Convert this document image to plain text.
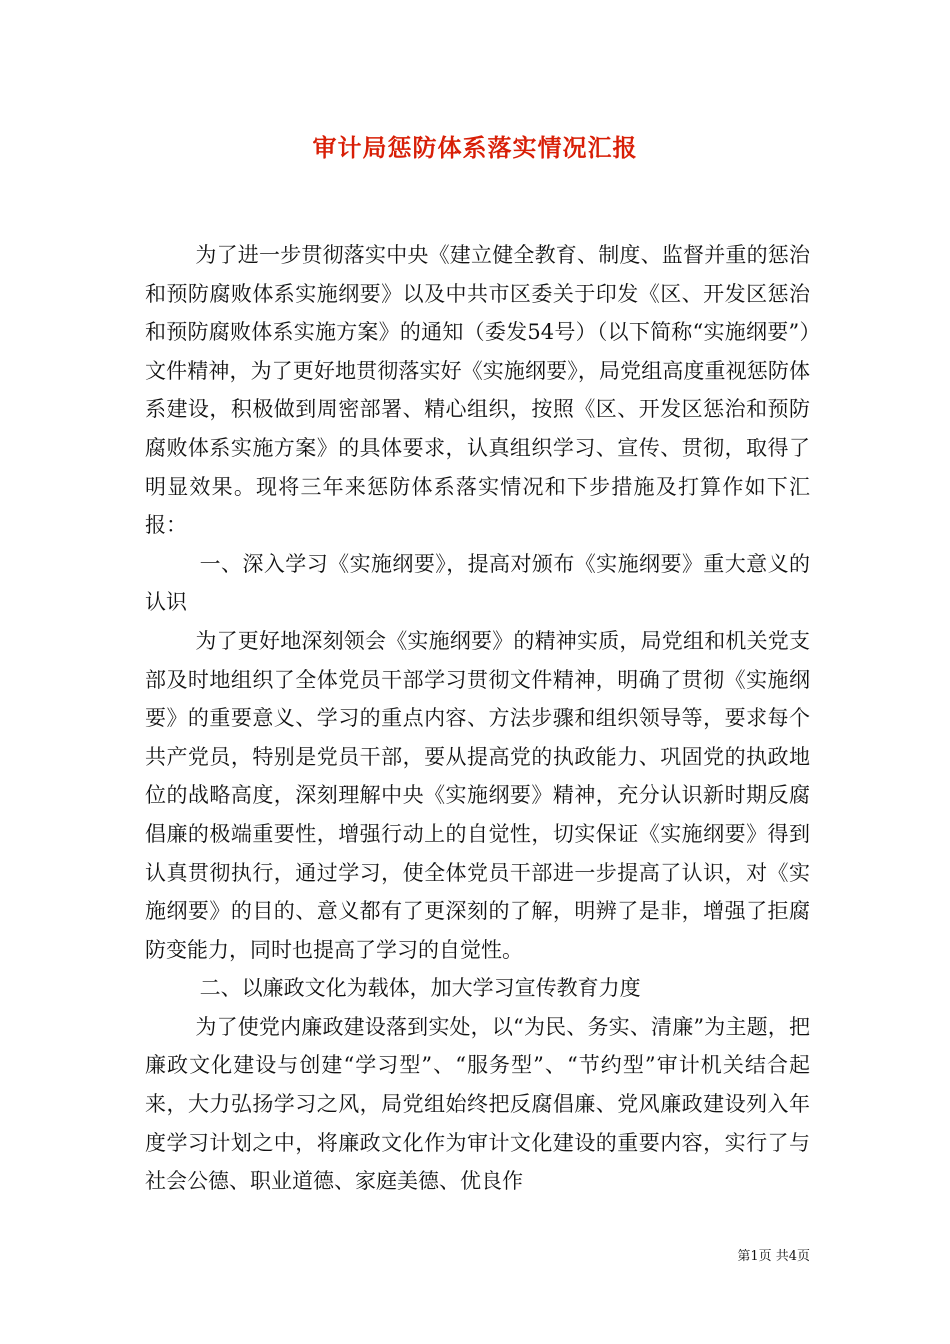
审计局惩防体系落实情况汇报

为了进一步贯彻落实中央《建立健全教育、制度、监督并重的惩治和预防腐败体系实施纲要》以及中共市区委关于印发《区、开发区惩治和预防腐败体系实施方案》的通知（委发54号）（以下简称“实施纲要”）文件精神，为了更好地贯彻落实好《实施纲要》，局党组高度重视惩防体系建设，积极做到周密部署、精心组织，按照《区、开发区惩治和预防腐败体系实施方案》的具体要求，认真组织学习、宣传、贯彻，取得了明显效果。现将三年来惩防体系落实情况和下步措施及打算作如下汇报：

一、深入学习《实施纲要》，提高对颁布《实施纲要》重大意义的认识

为了更好地深刻领会《实施纲要》的精神实质，局党组和机关党支部及时地组织了全体党员干部学习贯彻文件精神，明确了贯彻《实施纲要》的重要意义、学习的重点内容、方法步骤和组织领导等，要求每个共产党员，特别是党员干部，要从提高党的执政能力、巩固党的执政地位的战略高度，深刻理解中央《实施纲要》精神，充分认识新时期反腐倡廉的极端重要性，增强行动上的自觉性，切实保证《实施纲要》得到认真贯彻执行，通过学习，使全体党员干部进一步提高了认识，对《实施纲要》的目的、意义都有了更深刻的了解，明辨了是非，增强了拒腐防变能力，同时也提高了学习的自觉性。

二、以廉政文化为载体，加大学习宣传教育力度

为了使党内廉政建设落到实处，以“为民、务实、清廉”为主题，把廉政文化建设与创建“学习型”、“服务型”、“节约型”审计机关结合起来，大力弘扬学习之风，局党组始终把反腐倡廉、党风廉政建设列入年度学习计划之中，将廉政文化作为审计文化建设的重要内容，实行了与社会公德、职业道德、家庭美德、优良作

第1页 共4页
